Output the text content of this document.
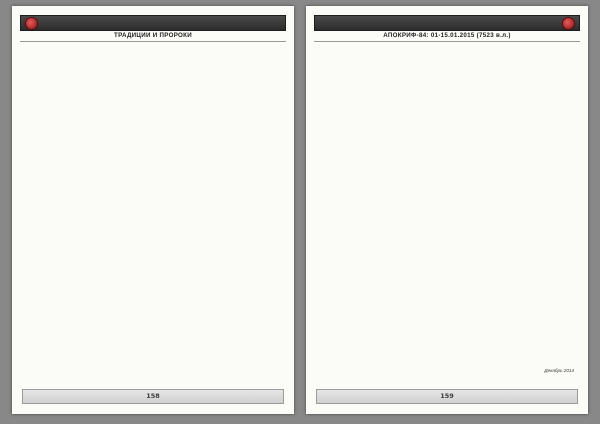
ТРАДИЦИИ И ПРОРОКИ

158
АПОКРИФ-84: 01-15.01.2015 (7523 в.л.)

Декабрь 2014
159
